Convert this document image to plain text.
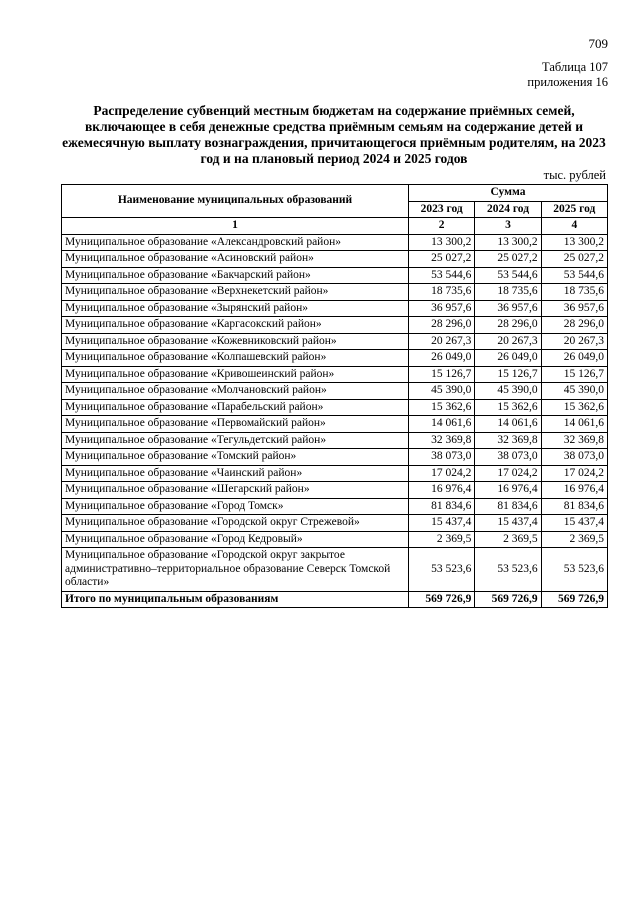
709
Таблица 107
приложения 16

Распределение субвенций местным бюджетам на содержание приёмных семей, включающее в себя денежные средства приёмным семьям на содержание детей и ежемесячную выплату вознаграждения, причитающегося приёмным родителям, на 2023 год и на плановый период 2024 и 2025 годов

тыс. рублей
Наименование муниципальных образований	Сумма		
	2023 год	2024 год	2025 год
1	2	3	4
Муниципальное образование «Александровский район»	13 300,2	13 300,2	13 300,2
Муниципальное образование «Асиновский район»	25 027,2	25 027,2	25 027,2
Муниципальное образование «Бакчарский район»	53 544,6	53 544,6	53 544,6
Муниципальное образование «Верхнекетский район»	18 735,6	18 735,6	18 735,6
Муниципальное образование «Зырянский район»	36 957,6	36 957,6	36 957,6
Муниципальное образование «Каргасокский район»	28 296,0	28 296,0	28 296,0
Муниципальное образование «Кожевниковский район»	20 267,3	20 267,3	20 267,3
Муниципальное образование «Колпашевский район»	26 049,0	26 049,0	26 049,0
Муниципальное образование «Кривошеинский район»	15 126,7	15 126,7	15 126,7
Муниципальное образование «Молчановский район»	45 390,0	45 390,0	45 390,0
Муниципальное образование «Парабельский район»	15 362,6	15 362,6	15 362,6
Муниципальное образование «Первомайский район»	14 061,6	14 061,6	14 061,6
Муниципальное образование «Тегульдетский район»	32 369,8	32 369,8	32 369,8
Муниципальное образование «Томский район»	38 073,0	38 073,0	38 073,0
Муниципальное образование «Чаинский район»	17 024,2	17 024,2	17 024,2
Муниципальное образование «Шегарский район»	16 976,4	16 976,4	16 976,4
Муниципальное образование «Город Томск»	81 834,6	81 834,6	81 834,6
Муниципальное образование «Городской округ Стрежевой»	15 437,4	15 437,4	15 437,4
Муниципальное образование «Город Кедровый»	2 369,5	2 369,5	2 369,5
Муниципальное образование «Городской округ закрытое административно–территориальное образование Северск Томской области»	53 523,6	53 523,6	53 523,6
Итого по муниципальным образованиям	569 726,9	569 726,9	569 726,9
